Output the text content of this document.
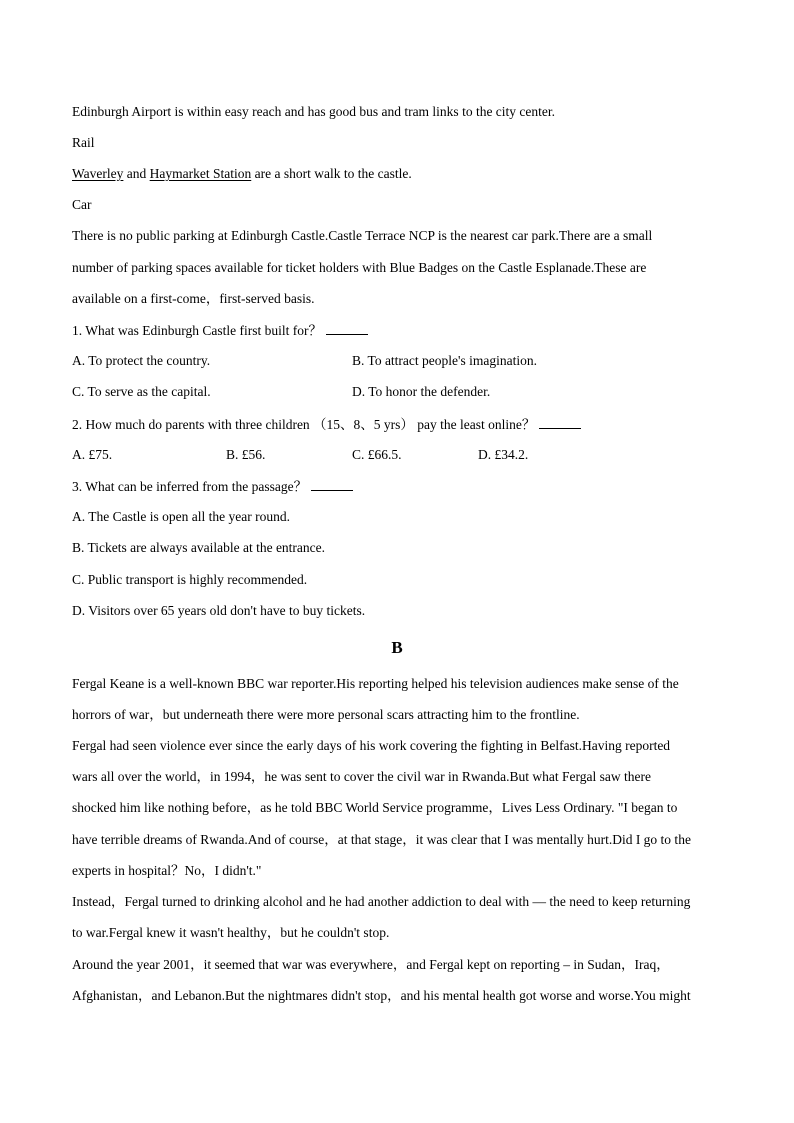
Edinburgh Airport is within easy reach and has good bus and tram links to the city center.
Rail
Waverley and Haymarket Station are a short walk to the castle.
Car
There is no public parking at Edinburgh Castle.Castle Terrace NCP is the nearest car park.There are a small
number of parking spaces available for ticket holders with Blue Badges on the Castle Esplanade.These are
available on a first-come，first-served basis.
1. What was Edinburgh Castle first built for？
A. To protect the country.	B. To attract people's imagination.
C. To serve as the capital.	D. To honor the defender.
2. How much do parents with three children （15、8、5 yrs） pay the least online？
A. £75.	B. £56.	C. £66.5.	D. £34.2.
3. What can be inferred from the passage？
A. The Castle is open all the year round.
B. Tickets are always available at the entrance.
C. Public transport is highly recommended.
D. Visitors over 65 years old don't have to buy tickets.
B
Fergal Keane is a well-known BBC war reporter.His reporting helped his television audiences make sense of the
horrors of war，but underneath there were more personal scars attracting him to the frontline.
Fergal had seen violence ever since the early days of his work covering the fighting in Belfast.Having reported
wars all over the world，in 1994，he was sent to cover the civil war in Rwanda.But what Fergal saw there
shocked him like nothing before，as he told BBC World Service programme，Lives Less Ordinary. "I began to
have terrible dreams of Rwanda.And of course，at that stage，it was clear that I was mentally hurt.Did I go to the
experts in hospital？No，I didn't."
Instead，Fergal turned to drinking alcohol and he had another addiction to deal with — the need to keep returning
to war.Fergal knew it wasn't healthy，but he couldn't stop.
Around the year 2001，it seemed that war was everywhere，and Fergal kept on reporting – in Sudan，Iraq，
Afghanistan，and Lebanon.But the nightmares didn't stop，and his mental health got worse and worse.You might
